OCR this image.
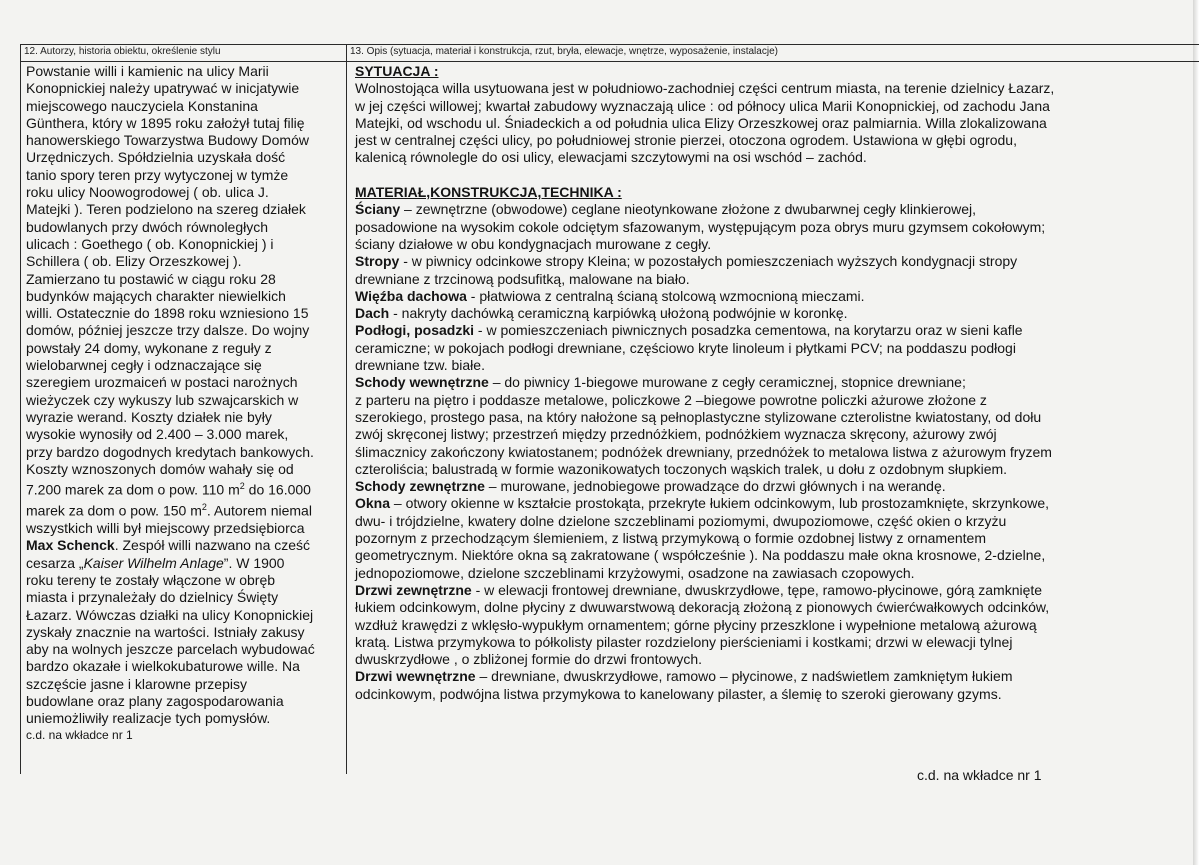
12. Autorzy, historia obiektu, określenie stylu	13. Opis (sytuacja, materiał i konstrukcja, rzut, bryła, elewacje, wnętrze, wyposażenie, instalacje)

Powstanie willi i kamienic na ulicy Marii

Konopnickiej należy upatrywać w inicjatywie

miejscowego nauczyciela Konstanina

Günthera, który w 1895 roku założył tutaj filię

hanowerskiego Towarzystwa Budowy Domów

Urzędniczych. Spółdzielnia uzyskała dość

tanio spory teren przy wytyczonej w tymże

roku ulicy Noowogrodowej ( ob. ulica J.

Matejki ). Teren podzielono na szereg działek

budowlanych przy dwóch równoległych

ulicach : Goethego ( ob. Konopnickiej ) i

Schillera ( ob. Elizy Orzeszkowej ).

Zamierzano tu postawić w ciągu roku 28

budynków mających charakter niewielkich

willi. Ostatecznie do 1898 roku wzniesiono 15

domów, później jeszcze trzy dalsze. Do wojny

powstały 24 domy, wykonane z reguły z

wielobarwnej cegły i odznaczające się

szeregiem urozmaiceń w postaci narożnych

wieżyczek czy wykuszy lub szwajcarskich w

wyrazie werand. Koszty działek nie były

wysokie wynosiły od 2.400 – 3.000 marek,

przy bardzo dogodnych kredytach bankowych.

Koszty wznoszonych domów wahały się od

7.200 marek za dom o pow. 110 $m^2$ do 16.000

marek za dom o pow. 150 $m^2$. Autorem niemal

wszystkich willi był miejscowy przedsiębiorca

Max Schenck. Zespół willi nazwano na cześć

cesarza „Kaiser Wilhelm Anlage”. W 1900

roku tereny te zostały włączone w obręb

miasta i przynależały do dzielnicy Święty

Łazarz. Wówczas działki na ulicy Konopnickiej

zyskały znacznie na wartości. Istniały zakusy

aby na wolnych jeszcze parcelach wybudować

bardzo okazałe i wielkokubaturowe wille. Na

szczęście jasne i klarowne przepisy

budowlane oraz plany zagospodarowania

uniemożliwiły realizacje tych pomysłów.

c.d. na wkładce nr 1

SYTUACJA :

Wolnostojąca willa usytuowana jest w południowo-zachodniej części centrum miasta, na terenie dzielnicy Łazarz,

w jej części willowej; kwartał zabudowy wyznaczają ulice : od północy ulica Marii Konopnickiej, od zachodu Jana

Matejki, od wschodu ul. Śniadeckich a od południa ulica Elizy Orzeszkowej oraz palmiarnia. Willa zlokalizowana

jest w centralnej części ulicy, po południowej stronie pierzei, otoczona ogrodem. Ustawiona w głębi ogrodu,

kalenicą równolegle do osi ulicy, elewacjami szczytowymi na osi wschód – zachód.

MATERIAŁ,KONSTRUKCJA,TECHNIKA :

Ściany – zewnętrzne (obwodowe) ceglane nieotynkowane złożone z dwubarwnej cegły klinkierowej,

posadowione na wysokim cokole odciętym sfazowanym, występującym poza obrys muru gzymsem cokołowym;

ściany działowe w obu kondygnacjach murowane z cegły.

Stropy - w piwnicy odcinkowe stropy Kleina; w pozostałych pomieszczeniach wyższych kondygnacji stropy

drewniane z trzcinową podsufitką, malowane na biało.

Więźba dachowa - płatwiowa z centralną ścianą stolcową wzmocnioną mieczami.

Dach - nakryty dachówką ceramiczną karpiówką ułożoną podwójnie w koronkę.

Podłogi, posadzki - w pomieszczeniach piwnicznych posadzka cementowa, na korytarzu oraz w sieni kafle

ceramiczne; w pokojach podłogi drewniane, częściowo kryte linoleum i płytkami PCV; na poddaszu podłogi

drewniane tzw. białe.

Schody wewnętrzne – do piwnicy 1-biegowe murowane z cegły ceramicznej, stopnice drewniane;

z parteru na piętro i poddasze metalowe, policzkowe 2 –biegowe powrotne policzki ażurowe złożone z

szerokiego, prostego pasa, na który nałożone są pełnoplastyczne stylizowane czterolistne kwiatostany, od dołu

zwój skręconej listwy; przestrzeń między przednóżkiem, podnóżkiem wyznacza skręcony, ażurowy zwój

ślimacznicy zakończony kwiatostanem; podnóżek drewniany, przednóżek to metalowa listwa z ażurowym fryzem

czteroliścia; balustradą w formie wazonikowatych toczonych wąskich tralek, u dołu z ozdobnym słupkiem.

Schody zewnętrzne – murowane, jednobiegowe prowadzące do drzwi głównych i na werandę.

Okna – otwory okienne w kształcie prostokąta, przekryte łukiem odcinkowym, lub prostozamknięte, skrzynkowe,

dwu- i trójdzielne, kwatery dolne dzielone szczeblinami poziomymi, dwupoziomowe, część okien o krzyżu

pozornym z przechodzącym ślemieniem, z listwą przymykową o formie ozdobnej listwy z ornamentem

geometrycznym. Niektóre okna są zakratowane ( współcześnie ). Na poddaszu małe okna krosnowe, 2-dzielne,

jednopoziomowe, dzielone szczeblinami krzyżowymi, osadzone na zawiasach czopowych.

Drzwi zewnętrzne - w elewacji frontowej drewniane, dwuskrzydłowe, tępe, ramowo-płycinowe, górą zamknięte

łukiem odcinkowym, dolne płyciny z dwuwarstwową dekoracją złożoną z pionowych ćwierćwałkowych odcinków,

wzdłuż krawędzi z wklęsło-wypukłym ornamentem; górne płyciny przeszklone i wypełnione metalową ażurową

kratą. Listwa przymykowa to półkolisty pilaster rozdzielony pierścieniami i kostkami; drzwi w elewacji tylnej

dwuskrzydłowe , o zbliżonej formie do drzwi frontowych.

Drzwi wewnętrzne – drewniane, dwuskrzydłowe, ramowo – płycinowe, z nadświetlem zamkniętym łukiem

odcinkowym, podwójna listwa przymykowa to kanelowany pilaster, a ślemię to szeroki gierowany gzyms.

c.d. na wkładce nr 1
